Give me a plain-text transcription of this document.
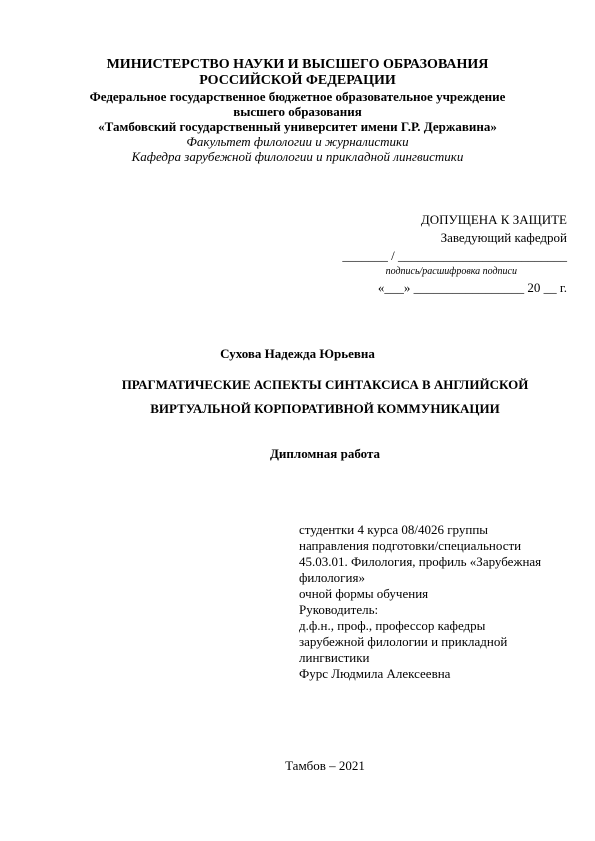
МИНИСТЕРСТВО НАУКИ И ВЫСШЕГО ОБРАЗОВАНИЯ
РОССИЙСКОЙ ФЕДЕРАЦИИ
Федеральное государственное бюджетное образовательное учреждение
высшего образования
«Тамбовский государственный университет имени Г.Р. Державина»
Факультет филологии и журналистики
Кафедра зарубежной филологии и прикладной лингвистики
ДОПУЩЕНА К ЗАЩИТЕ
Заведующий кафедрой
_______ / __________________________
подпись/расшифровка подписи
«___» _________________ 20 __ г.
Сухова Надежда Юрьевна
ПРАГМАТИЧЕСКИЕ АСПЕКТЫ СИНТАКСИСА В АНГЛИЙСКОЙ
ВИРТУАЛЬНОЙ КОРПОРАТИВНОЙ КОММУНИКАЦИИ
Дипломная работа
студентки 4 курса 08/4026 группы
направления подготовки/специальности
45.03.01. Филология, профиль «Зарубежная
филология»
очной формы обучения
Руководитель:
д.ф.н., проф., профессор кафедры
зарубежной филологии и прикладной
лингвистики
Фурс Людмила Алексеевна
Тамбов – 2021
